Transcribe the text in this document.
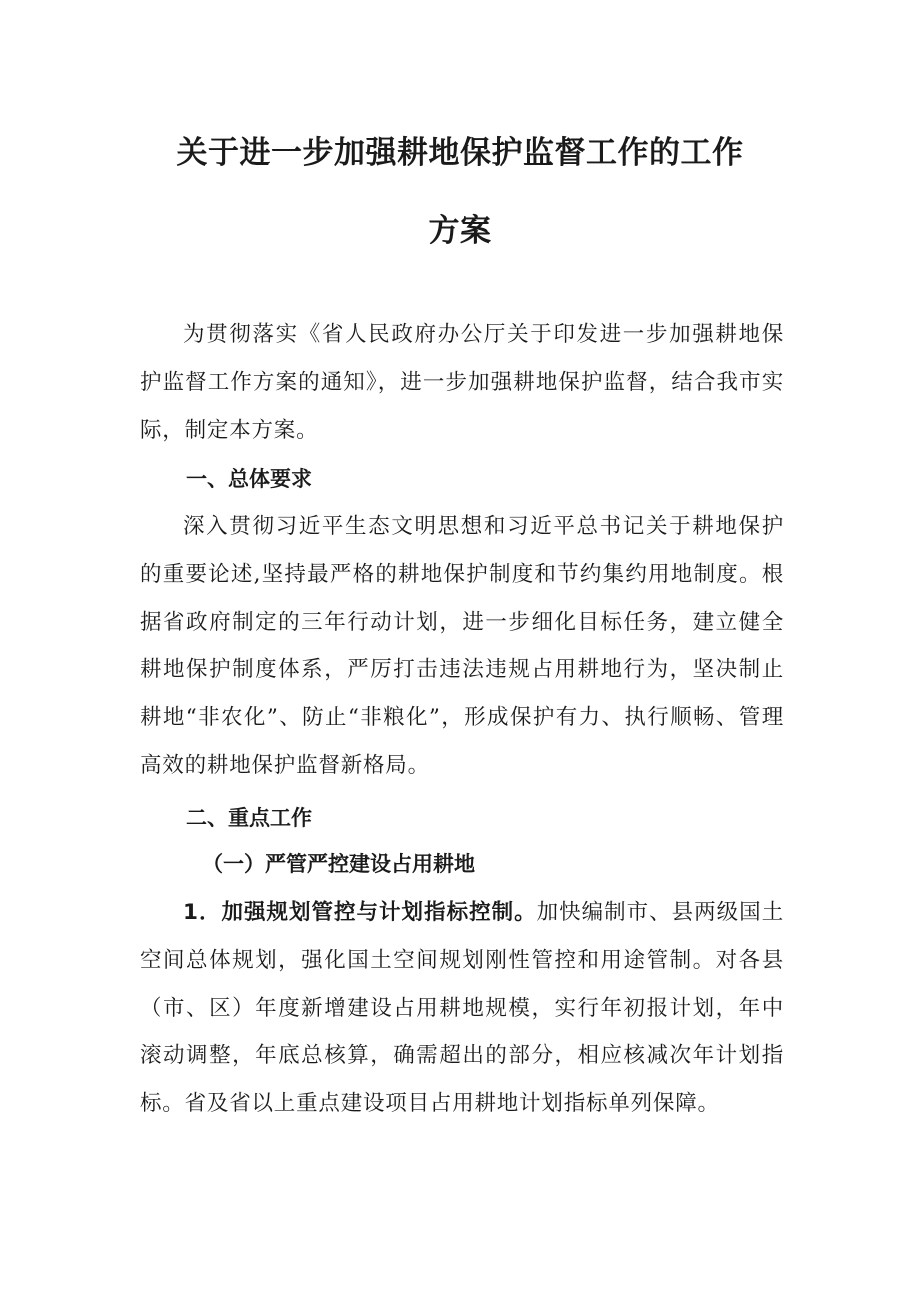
关于进一步加强耕地保护监督工作的工作
方案

为贯彻落实《省人民政府办公厅关于印发进一步加强耕地保护监督工作方案的通知》，进一步加强耕地保护监督，结合我市实际，制定本方案。

一、总体要求

深入贯彻习近平生态文明思想和习近平总书记关于耕地保护的重要论述,坚持最严格的耕地保护制度和节约集约用地制度。根据省政府制定的三年行动计划，进一步细化目标任务，建立健全耕地保护制度体系，严厉打击违法违规占用耕地行为，坚决制止耕地“非农化”、防止“非粮化”，形成保护有力、执行顺畅、管理高效的耕地保护监督新格局。

二、重点工作
（一）严管严控建设占用耕地

1．加强规划管控与计划指标控制。加快编制市、县两级国土空间总体规划，强化国土空间规划刚性管控和用途管制。对各县（市、区）年度新增建设占用耕地规模，实行年初报计划，年中滚动调整，年底总核算，确需超出的部分，相应核减次年计划指标。省及省以上重点建设项目占用耕地计划指标单列保障。
